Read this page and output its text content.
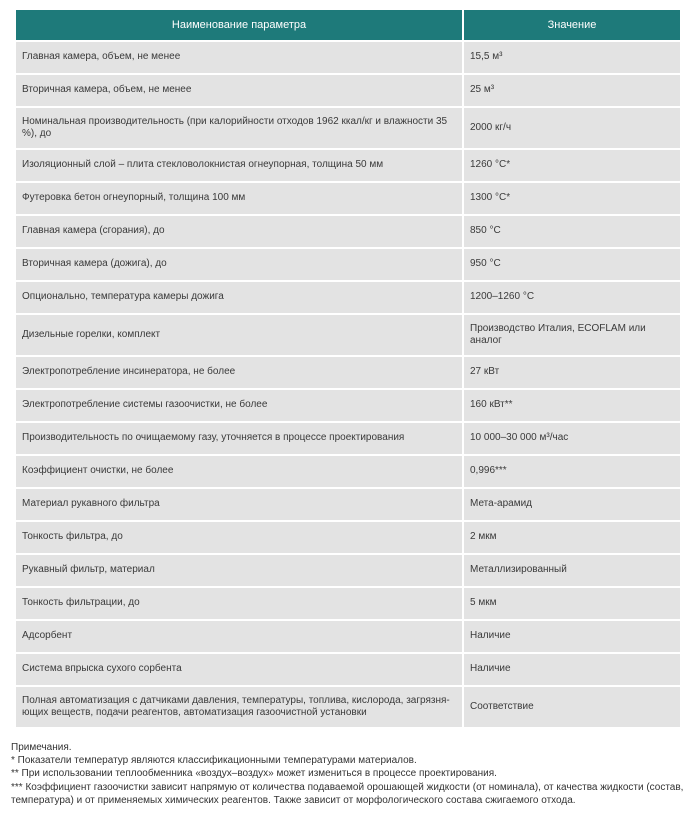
Наименование параметра	Значение
Главная камера, объем, не менее	15,5 м³
Вторичная камера, объем, не менее	25 м³
Номинальная производительность (при калорийности отходов 1962 ккал/кг и влажности 35 %), до	2000 кг/ч
Изоляционный слой – плита стекловолокнистая огнеупорная, толщина 50 мм	1260 °С*
Футеровка бетон огнеупорный, толщина 100 мм	1300 °С*
Главная камера (сгорания), до	850 °С
Вторичная камера (дожига), до	950 °С
Опционально, температура камеры дожига	1200–1260 °С
Дизельные горелки, комплект	Производство Италия, ECOFLAM или аналог
Электропотребление инсинератора, не более	27 кВт
Электропотребление системы газоочистки, не более	160 кВт**
Производительность по очищаемому газу, уточняется в процессе проектирования	10 000–30 000 м³/час
Коэффициент очистки, не более	0,996***
Материал рукавного фильтра	Мета-арамид
Тонкость фильтра, до	2 мкм
Рукавный фильтр, материал	Металлизированный
Тонкость фильтрации, до	5 мкм
Адсорбент	Наличие
Система впрыска сухого сорбента	Наличие
Полная автоматизация с датчиками давления, температуры, топлива, кислорода, загрязня-ющих веществ, подачи реагентов, автоматизация газоочистной установки	Соответствие
Примечания.
* Показатели температур являются классификационными температурами материалов.
** При использовании теплообменника «воздух–воздух» может измениться в процессе проектирования.
*** Коэффициент газоочистки зависит напрямую от количества подаваемой орошающей жидкости (от номинала), от качества жидкости (состав, температура) и от применяемых химических реагентов. Также зависит от морфологического состава сжигаемого отхода.
